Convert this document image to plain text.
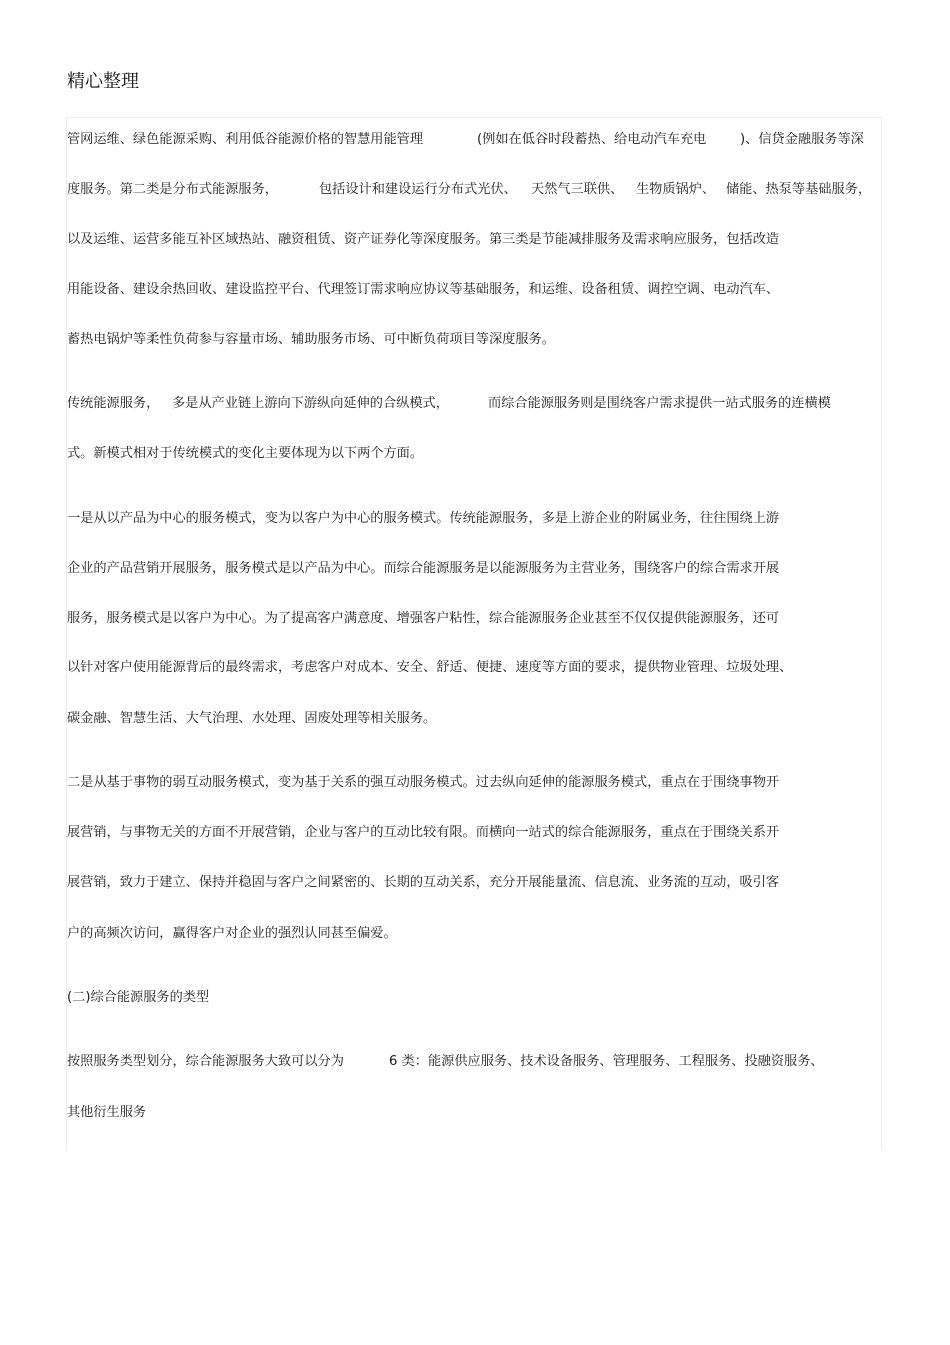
精心整理
管网运维、绿色能源采购、利用低谷能源价格的智慧用能管理	(例如在低谷时段蓄热、给电动汽车充电	)、信贷金融服务等深
度服务。第二类是分布式能源服务，	包括设计和建设运行分布式光伏、 天然气三联供、 生物质锅炉、 储能、热泵等基础服务，
以及运维、运营多能互补区域热站、融资租赁、资产证券化等深度服务。第三类是节能减排服务及需求响应服务，包括改造
用能设备、建设余热回收、建设监控平台、代理签订需求响应协议等基础服务，和运维、设备租赁、调控空调、电动汽车、
蓄热电锅炉等柔性负荷参与容量市场、辅助服务市场、可中断负荷项目等深度服务。
传统能源服务， 多是从产业链上游向下游纵向延伸的合纵模式，	而综合能源服务则是围绕客户需求提供一站式服务的连横模
式。新模式相对于传统模式的变化主要体现为以下两个方面。
一是从以产品为中心的服务模式，变为以客户为中心的服务模式。传统能源服务，多是上游企业的附属业务，往往围绕上游
企业的产品营销开展服务，服务模式是以产品为中心。而综合能源服务是以能源服务为主营业务，围绕客户的综合需求开展
服务，服务模式是以客户为中心。为了提高客户满意度、增强客户粘性，综合能源服务企业甚至不仅仅提供能源服务，还可
以针对客户使用能源背后的最终需求，考虑客户对成本、安全、舒适、便捷、速度等方面的要求，提供物业管理、垃圾处理、
碳金融、智慧生活、大气治理、水处理、固废处理等相关服务。
二是从基于事物的弱互动服务模式，变为基于关系的强互动服务模式。过去纵向延伸的能源服务模式，重点在于围绕事物开
展营销，与事物无关的方面不开展营销，企业与客户的互动比较有限。而横向一站式的综合能源服务，重点在于围绕关系开
展营销，致力于建立、保持并稳固与客户之间紧密的、长期的互动关系，充分开展能量流、信息流、业务流的互动，吸引客
户的高频次访问，赢得客户对企业的强烈认同甚至偏爱。
(二)综合能源服务的类型
按照服务类型划分，综合能源服务大致可以分为	6 类：能源供应服务、技术设备服务、管理服务、工程服务、投融资服务、
其他衍生服务
